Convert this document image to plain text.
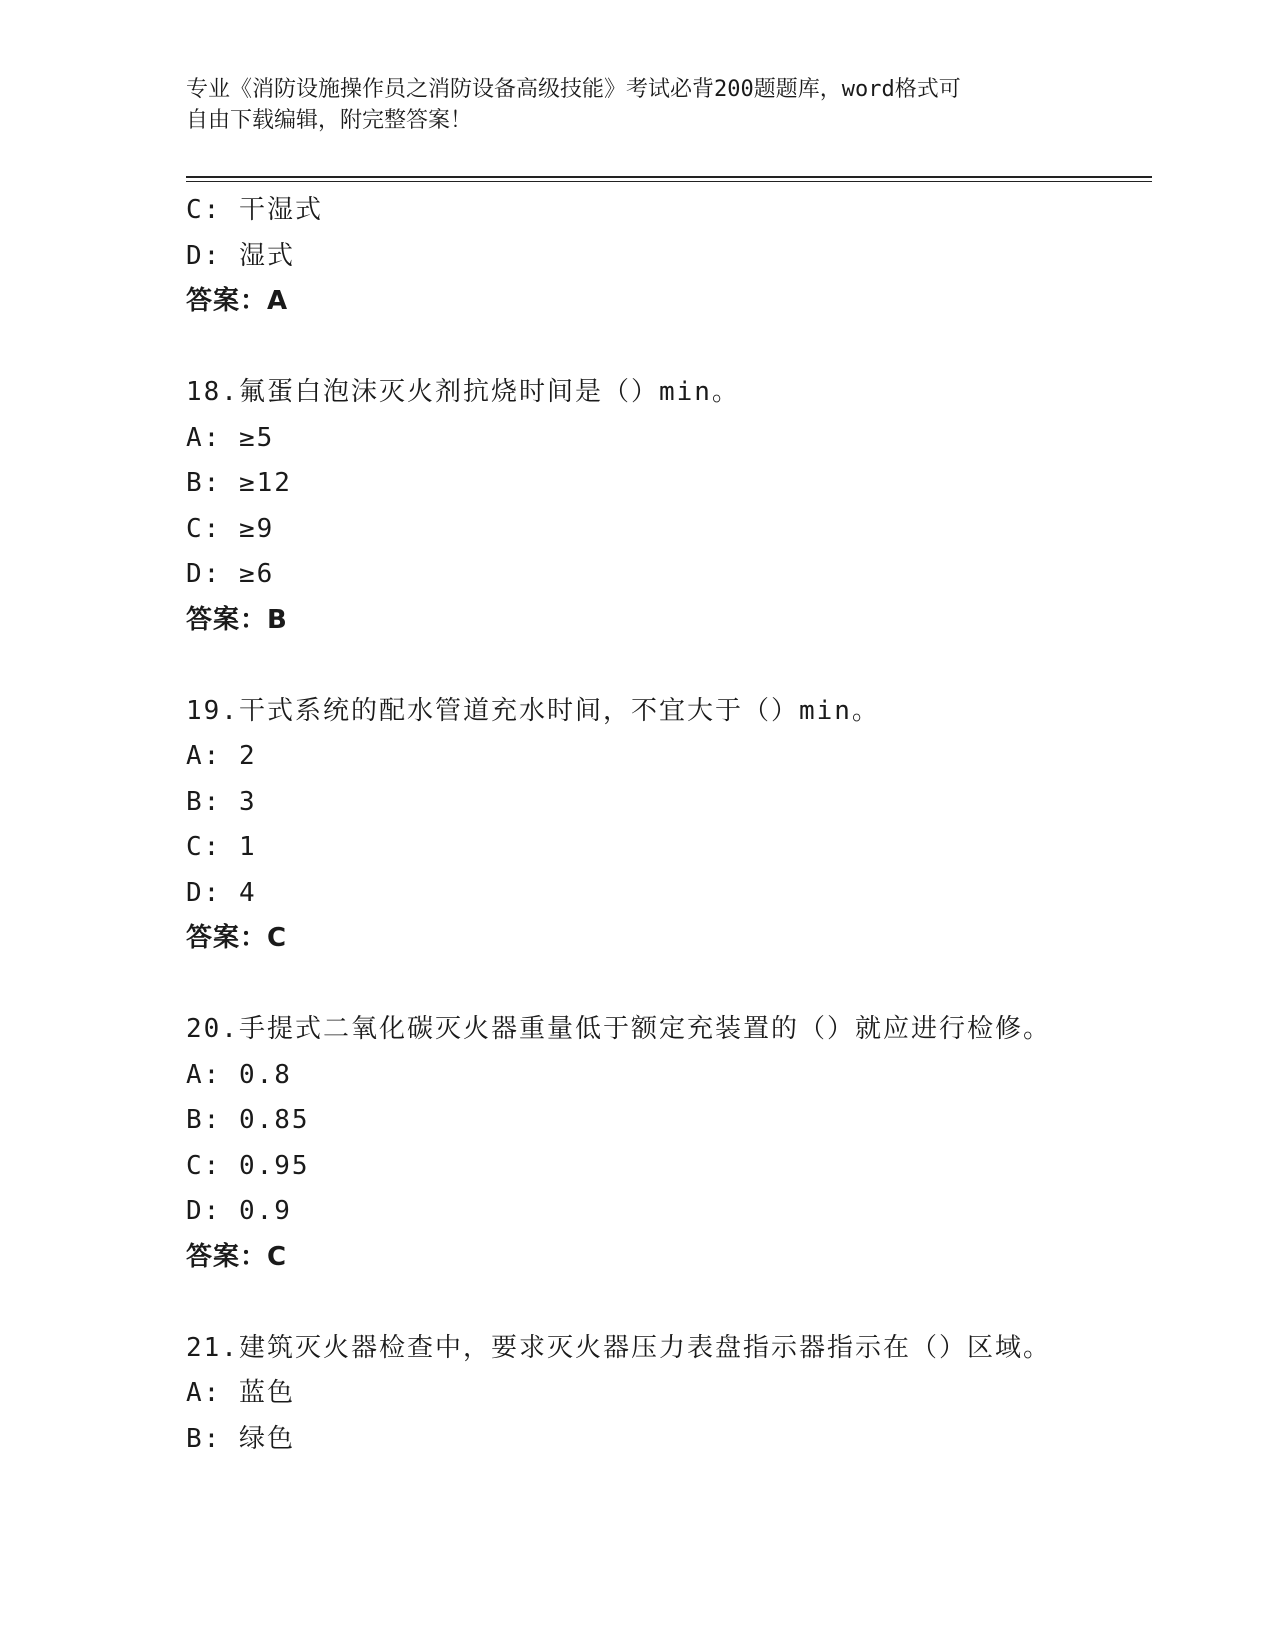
专业《消防设施操作员之消防设备高级技能》考试必背200题题库，word格式可
自由下载编辑，附完整答案！
C: 干湿式
D: 湿式
答案：A
18.氟蛋白泡沫灭火剂抗烧时间是（）min。
A: ≥5
B: ≥12
C: ≥9
D: ≥6
答案：B
19.干式系统的配水管道充水时间，不宜大于（）min。
A: 2
B: 3
C: 1
D: 4
答案：C
20.手提式二氧化碳灭火器重量低于额定充装置的（）就应进行检修。
A: 0.8
B: 0.85
C: 0.95
D: 0.9
答案：C
21.建筑灭火器检查中，要求灭火器压力表盘指示器指示在（）区域。
A: 蓝色
B: 绿色
